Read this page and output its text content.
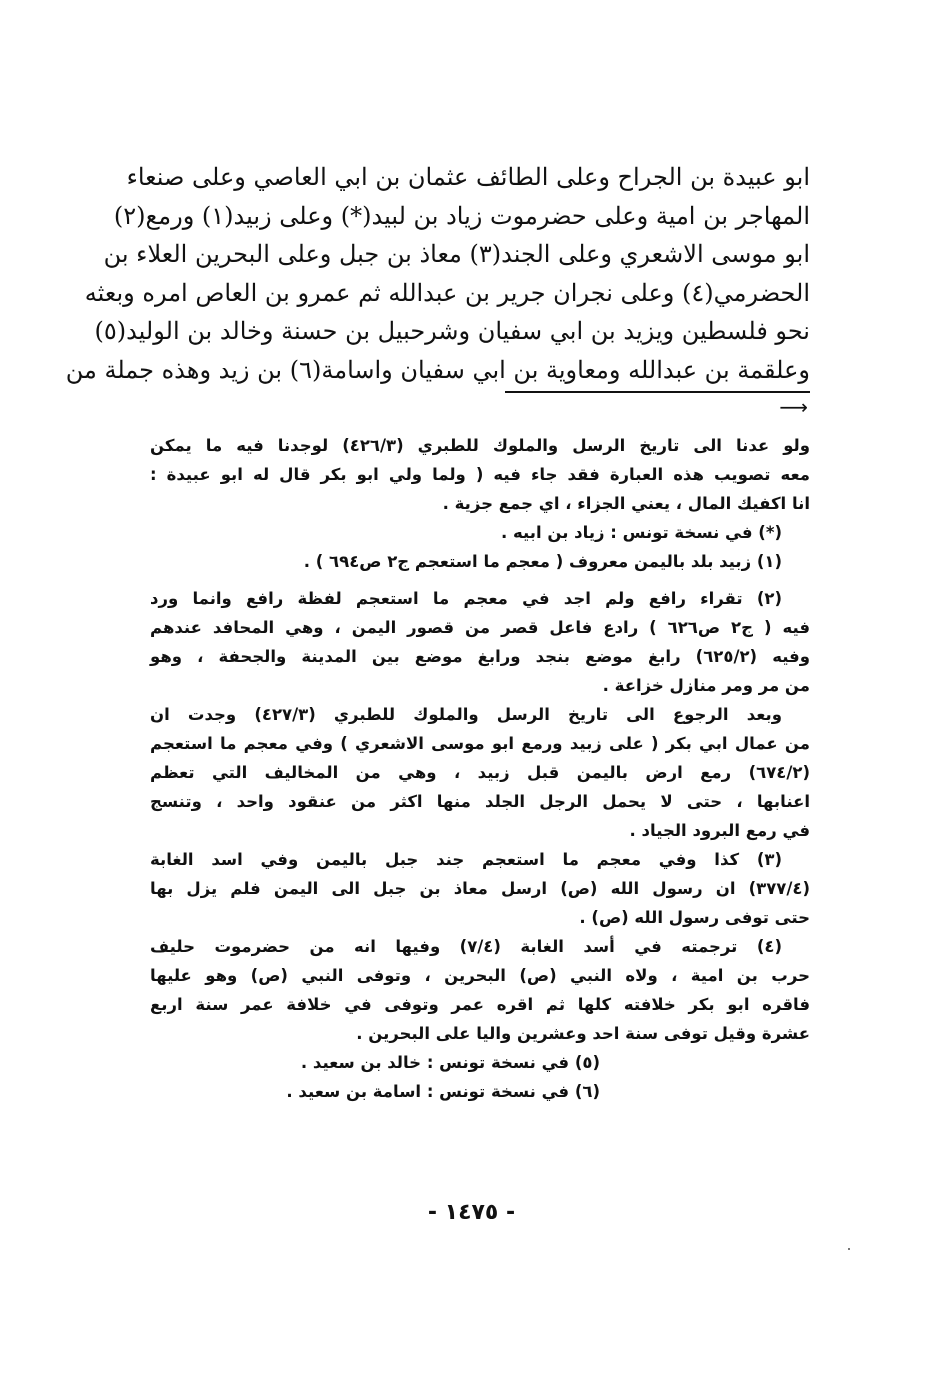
ابو عبيدة بن الجراح وعلى الطائف عثمان بن ابي العاصي وعلى صنعاء
المهاجر بن امية وعلى حضرموت زياد بن لبيد(*) وعلى زبيد(١) ورمع(٢)
ابو موسى الاشعري وعلى الجند(٣) معاذ بن جبل وعلى البحرين العلاء بن
الحضرمي(٤) وعلى نجران جرير بن عبدالله ثم عمرو بن العاص امره وبعثه
نحو فلسطين ويزيد بن ابي سفيان وشرحبيل بن حسنة وخالد بن الوليد(٥)
وعلقمة بن عبدالله ومعاوية بن ابي سفيان واسامة(٦) بن زيد وهذه جملة من
⟶
ولو عدنا الى تاريخ الرسل والملوك للطبري (٤٢٦/٣) لوجدنا فيه ما يمكن
معه تصويب هذه العبارة فقد جاء فيه ( ولما ولي ابو بكر قال له ابو عبيدة :
انا اكفيك المال ، يعني الجزاء ، اي جمع جزية .
(*) في نسخة تونس : زياد بن ابيه .
(١) زبيد بلد باليمن معروف ( معجم ما استعجم ج٢ ص٦٩٤ ) .
(٢) تقراء رافع ولم اجد في معجم ما استعجم لفظة رافع وانما ورد
فيه ( ج٢ ص٦٢٦ ) رادع فاعل قصر من قصور اليمن ، وهي المحافد عندهم
وفيه (٦٢٥/٢) رابغ موضع بنجد ورابغ موضع بين المدينة والجحفة ، وهو
من مر ومر منازل خزاعة .
وبعد الرجوع الى تاريخ الرسل والملوك للطبري (٤٢٧/٣) وجدت ان
من عمال ابي بكر ( على زبيد ورمع ابو موسى الاشعري ) وفي معجم ما استعجم
(٦٧٤/٢) رمع ارض باليمن قبل زبيد ، وهي من المخاليف التي تعظم
اعنابها ، حتى لا يحمل الرجل الجلد منها اكثر من عنقود واحد ، وتنسج
في رمع البرود الجياد .
(٣) كذا وفي معجم ما استعجم جند جبل باليمن وفي اسد الغابة
(٣٧٧/٤) ان رسول الله (ص) ارسل معاذ بن جبل الى اليمن فلم يزل بها
حتى توفى رسول الله (ص) .
(٤) ترجمته في أسد الغابة (٧/٤) وفيها انه من حضرموت حليف
حرب بن امية ، ولاه النبي (ص) البحرين ، وتوفى النبي (ص) وهو عليها
فاقره ابو بكر خلافته كلها ثم اقره عمر وتوفى في خلافة عمر سنة اربع
عشرة وقيل توفى سنة احد وعشرين واليا على البحرين .
(٥) في نسخة تونس : خالد بن سعيد .
(٦) في نسخة تونس : اسامة بن سعيد .
- ١٤٧٥ -
